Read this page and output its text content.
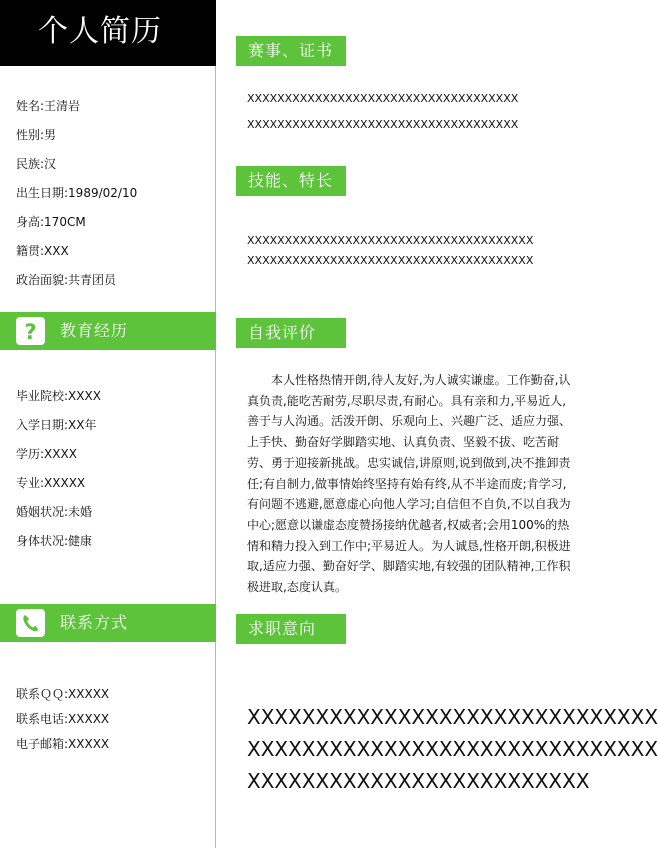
个人简历
姓名:王清岩
性别:男
民族:汉
出生日期:1989/02/10
身高:170CM
籍贯:XXX
政治面貌:共青团员
? 教育经历
毕业院校:XXXX
入学日期:XX年
学历:XXXX
专业:XXXXX
婚姻状况:未婚
身体状况:健康
联系方式
联系ＱＱ:XXXXX
联系电话:XXXXX
电子邮箱:XXXXX
赛事、证书
XXXXXXXXXXXXXXXXXXXXXXXXXXXXXXXXXXXX
XXXXXXXXXXXXXXXXXXXXXXXXXXXXXXXXXXXX
技能、特长
XXXXXXXXXXXXXXXXXXXXXXXXXXXXXXXXXXXXXX
XXXXXXXXXXXXXXXXXXXXXXXXXXXXXXXXXXXXXX
自我评价
本人性格热情开朗,待人友好,为人诚实谦虚。工作勤奋,认真负责,能吃苦耐劳,尽职尽责,有耐心。具有亲和力,平易近人,善于与人沟通。活泼开朗、乐观向上、兴趣广泛、适应力强、上手快、勤奋好学脚踏实地、认真负责、坚毅不拔、吃苦耐劳、勇于迎接新挑战。忠实诚信,讲原则,说到做到,决不推卸责任;有自制力,做事情始终坚持有始有终,从不半途而废;肯学习,有问题不逃避,愿意虚心向他人学习;自信但不自负,不以自我为中心;愿意以谦虚态度赞扬接纳优越者,权威者;会用100%的热情和精力投入到工作中;平易近人。为人诚恳,性格开朗,积极进取,适应力强、勤奋好学、脚踏实地,有较强的团队精神,工作积极进取,态度认真。
求职意向
XXXXXXXXXXXXXXXXXXXXXXXXXXXXXX
XXXXXXXXXXXXXXXXXXXXXXXXXXXXXX
XXXXXXXXXXXXXXXXXXXXXXXXX
